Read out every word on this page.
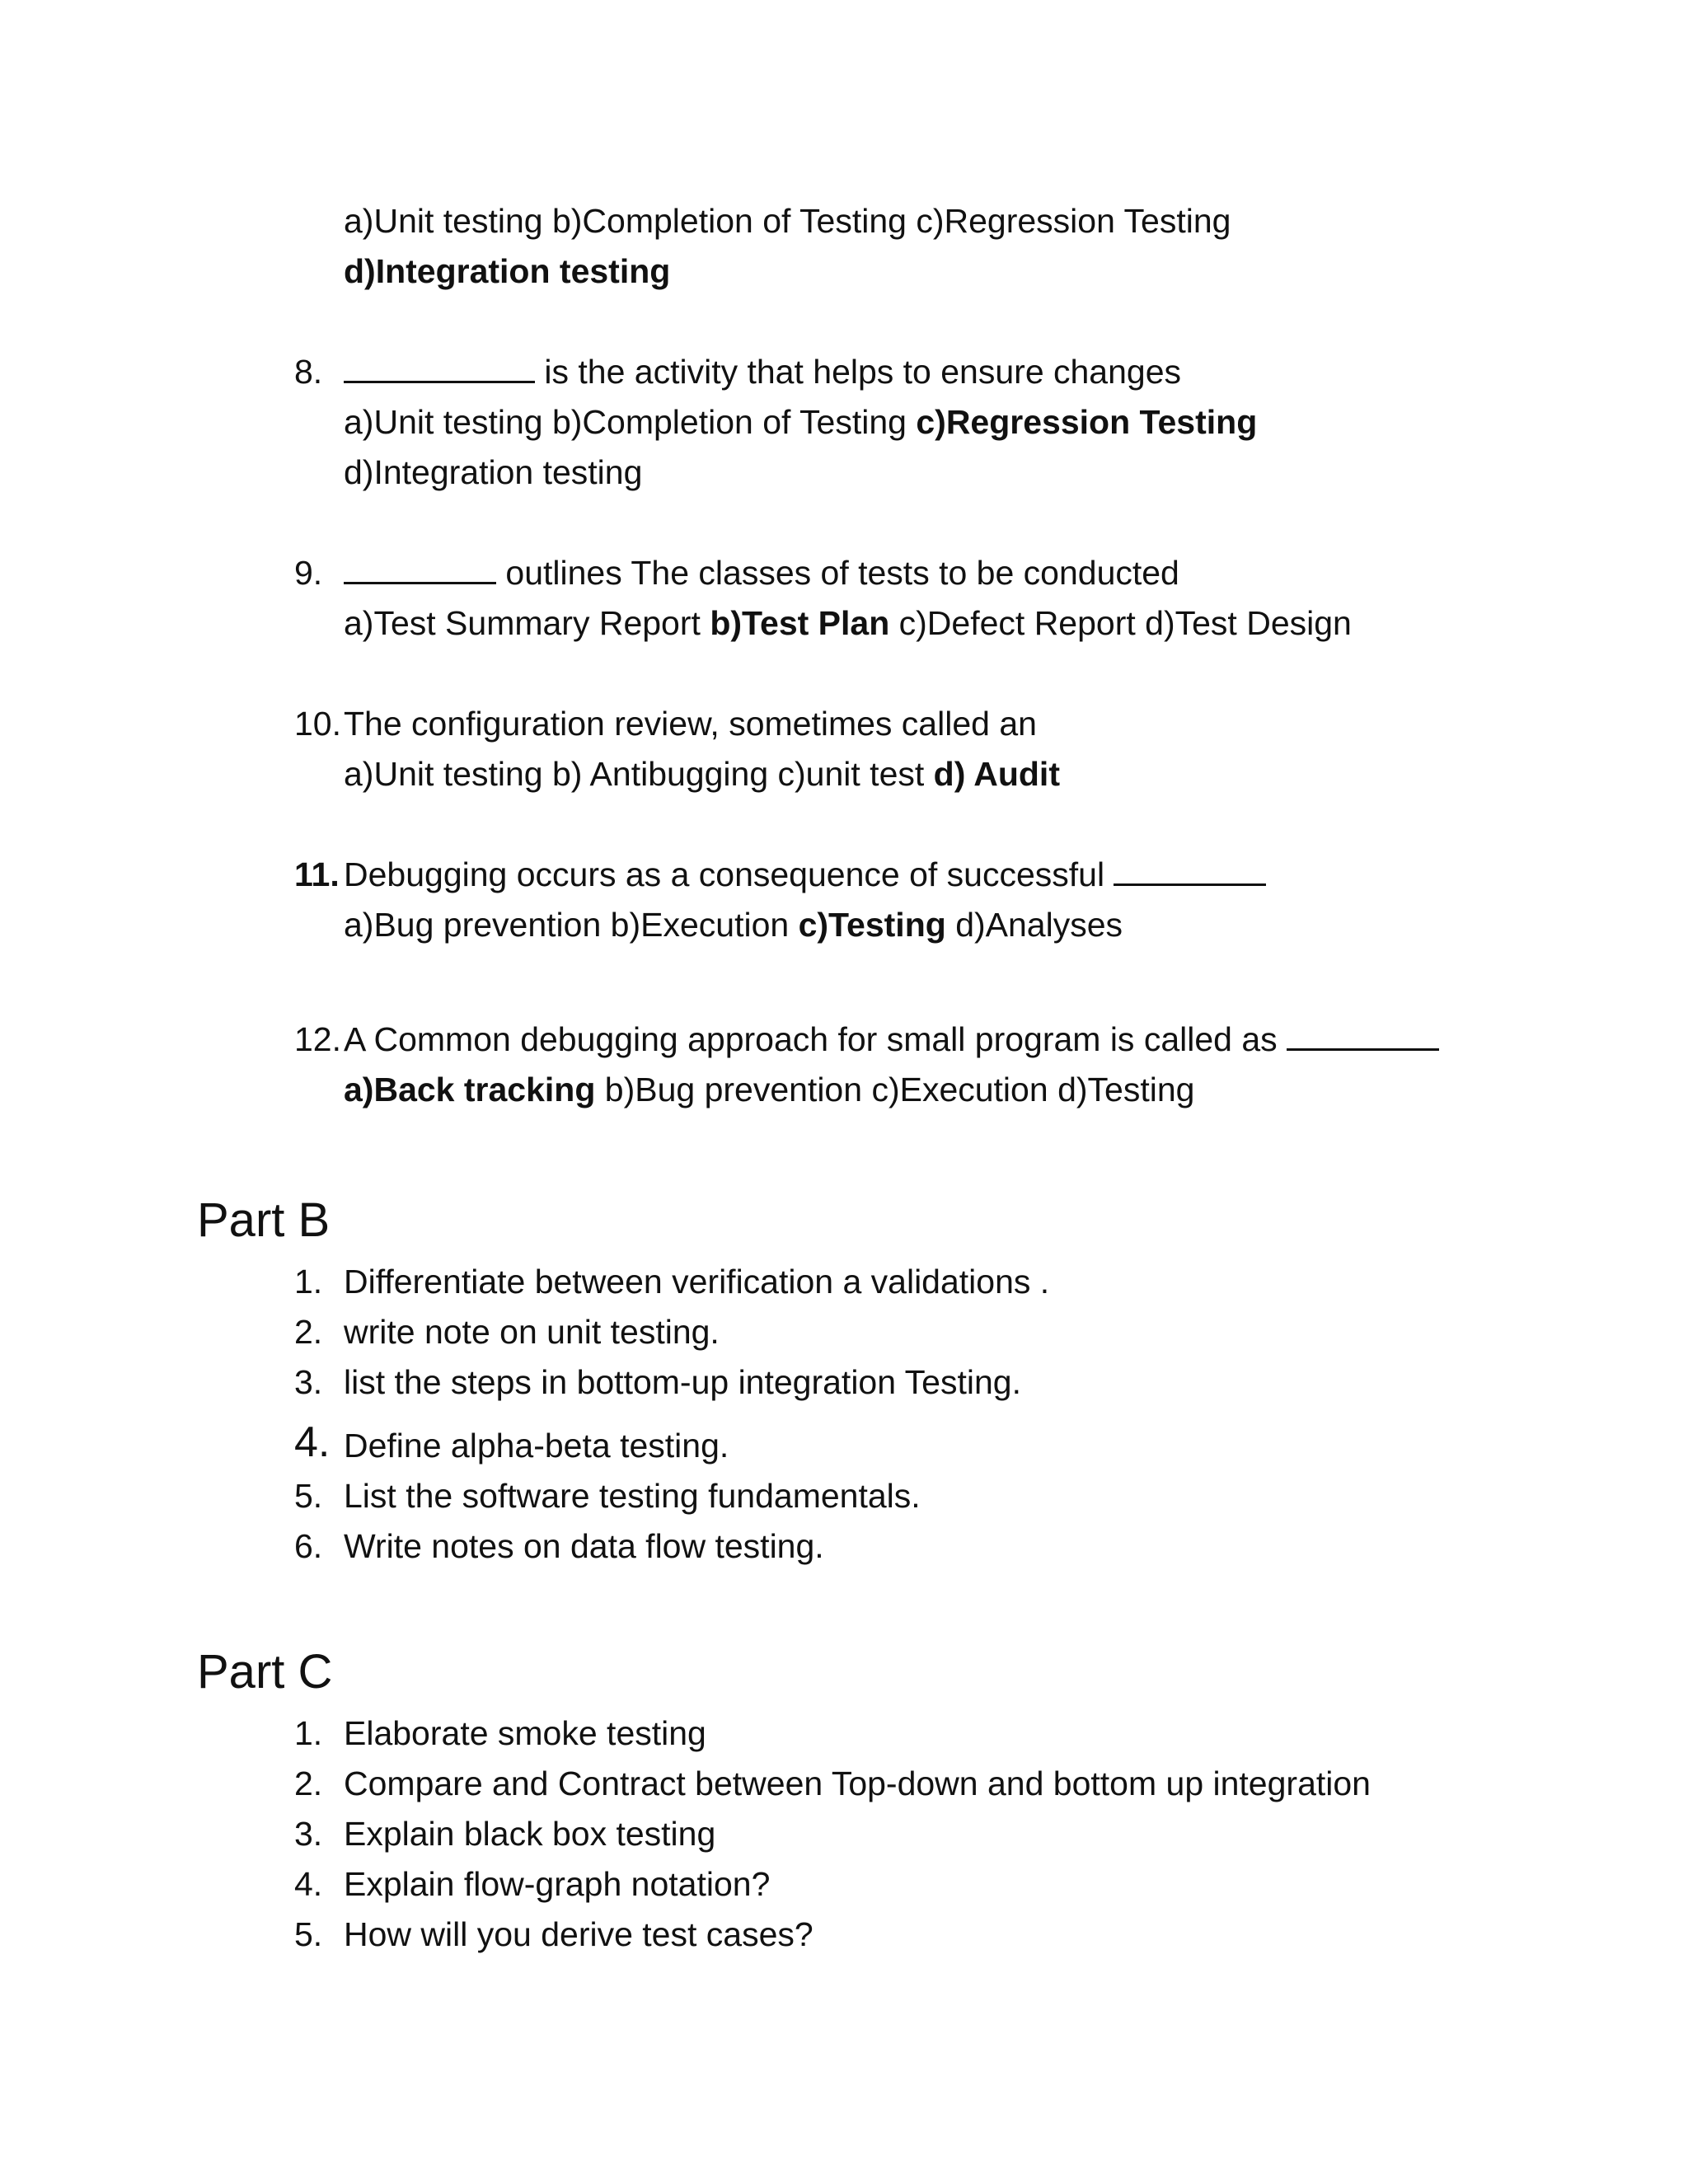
a)Unit testing b)Completion of Testing c)Regression Testing
d)Integration testing
8.	is the activity that helps to ensure changes
a)Unit testing b)Completion of Testing c)Regression Testing
d)Integration testing
9.	outlines The classes of tests to be conducted
a)Test Summary Report b)Test Plan c)Defect Report d)Test Design
10. The configuration review, sometimes called an
a)Unit testing b) Antibugging c)unit test d) Audit
11. Debugging occurs as a consequence of successful
a)Bug prevention b)Execution c)Testing d)Analyses
12. A Common debugging approach for small program is called as
a)Back tracking b)Bug prevention c)Execution d)Testing
Part B
1. Differentiate between verification a validations .
2. write note on unit testing.
3. list the steps in bottom-up integration Testing.
4. Define alpha-beta testing.
5. List the software testing fundamentals.
6. Write notes on data flow testing.
Part C
1. Elaborate smoke testing
2. Compare and Contract between Top-down and bottom up integration
3. Explain black box testing
4. Explain flow-graph notation?
5. How will you derive test cases?
